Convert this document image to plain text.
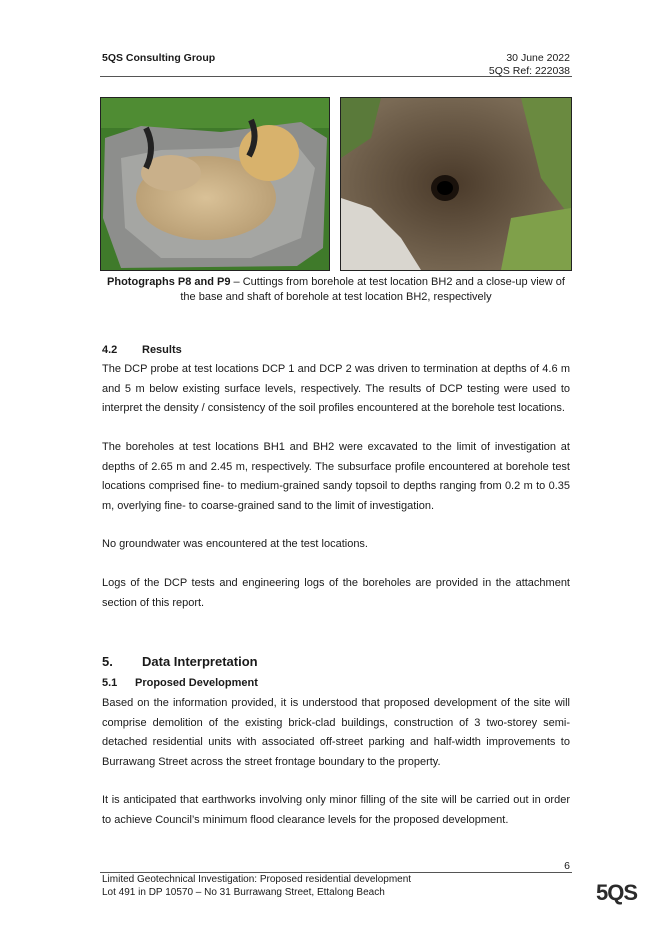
5QS Consulting Group	30 June 2022
5QS Ref: 222038
Photographs P8 and P9 – Cuttings from borehole at test location BH2 and a close-up view of the base and shaft of borehole at test location BH2, respectively
4.2 Results
The DCP probe at test locations DCP 1 and DCP 2 was driven to termination at depths of 4.6 m and 5 m below existing surface levels, respectively. The results of DCP testing were used to interpret the density / consistency of the soil profiles encountered at the borehole test locations.
The boreholes at test locations BH1 and BH2 were excavated to the limit of investigation at depths of 2.65 m and 2.45 m, respectively. The subsurface profile encountered at borehole test locations comprised fine- to medium-grained sandy topsoil to depths ranging from 0.2 m to 0.35 m, overlying fine- to coarse-grained sand to the limit of investigation.
No groundwater was encountered at the test locations.
Logs of the DCP tests and engineering logs of the boreholes are provided in the attachment section of this report.
5. Data Interpretation
5.1 Proposed Development
Based on the information provided, it is understood that proposed development of the site will comprise demolition of the existing brick-clad buildings, construction of 3 two-storey semi-detached residential units with associated off-street parking and half-width improvements to Burrawang Street across the street frontage boundary to the property.
It is anticipated that earthworks involving only minor filling of the site will be carried out in order to achieve Council’s minimum flood clearance levels for the proposed development.
6
Limited Geotechnical Investigation: Proposed residential development
Lot 491 in DP 10570 – No 31 Burrawang Street, Ettalong Beach	5QS
